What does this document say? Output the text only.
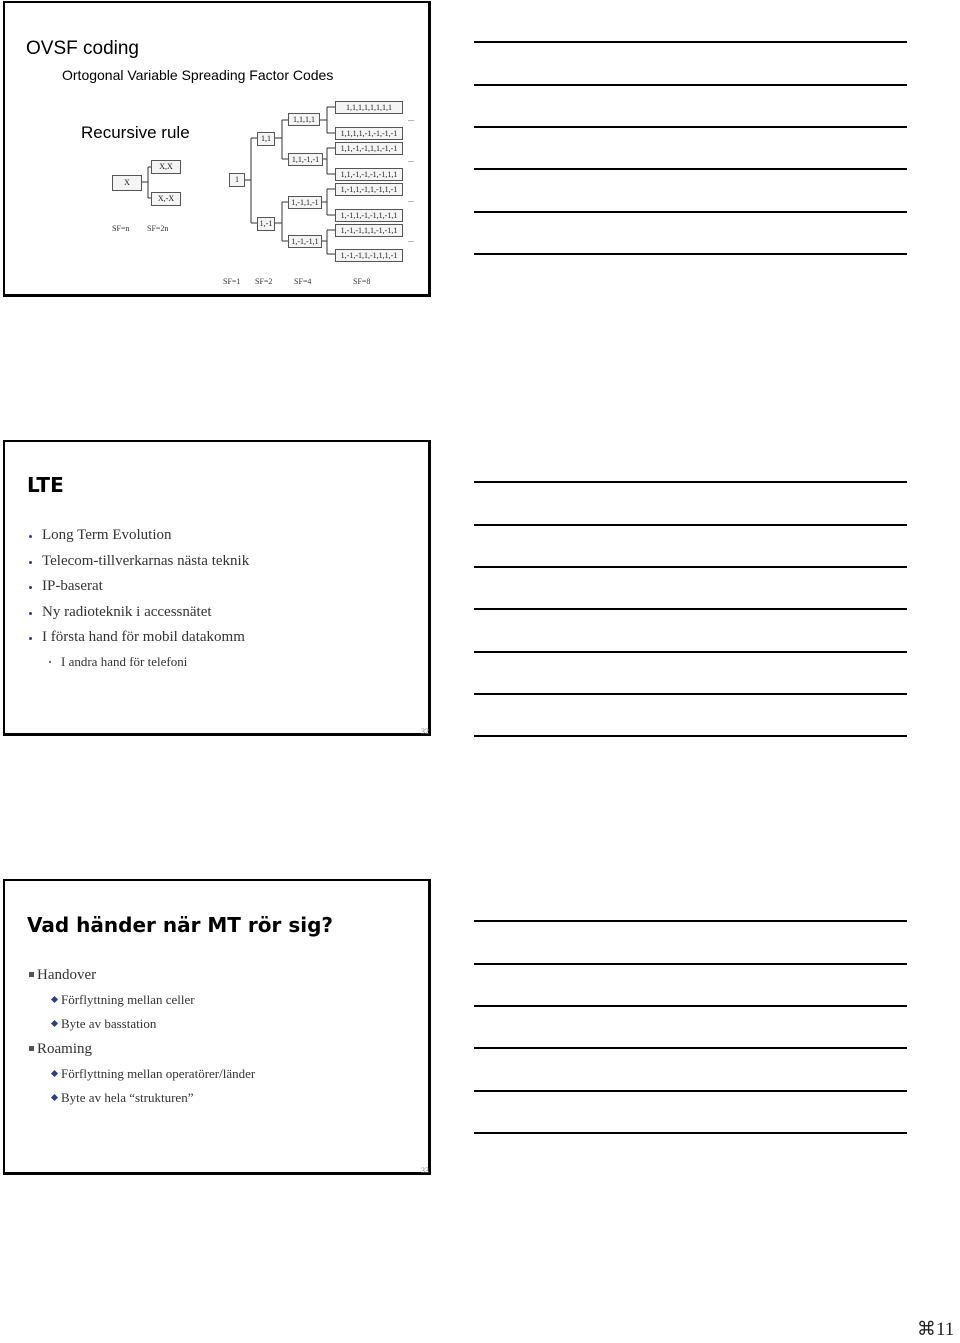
OVSF coding
Ortogonal Variable Spreading Factor Codes
Recursive rule
X
X,X
X,-X
SF=n SF=2n
1
1,1
1,-1
1,1,1,1
1,1,-1,-1
1,-1,1,-1
1,-1,-1,1
1,1,1,1,1,1,1,1
1,1,1,1,-1,-1,-1,-1
1,1,-1,-1,1,1,-1,-1
1,1,-1,-1,-1,-1,1,1
1,-1,1,-1,1,-1,1,-1
1,-1,1,-1,-1,1,-1,1
1,-1,-1,1,1,-1,-1,1
1,-1,-1,1,-1,1,1,-1
...
...
...
...
SF=1 SF=2	SF=4	SF=8
LTE
Long Term Evolution
Telecom-tillverkarnas nästa teknik
IP-baserat
Ny radioteknik i accessnätet
I första hand för mobil datakomm
I andra hand för telefoni
32
Vad händer när MT rör sig?
Handover
Förflyttning mellan celler
Byte av basstation
Roaming
Förflyttning mellan operatörer/länder
Byte av hela “strukturen”
33
⌘11
